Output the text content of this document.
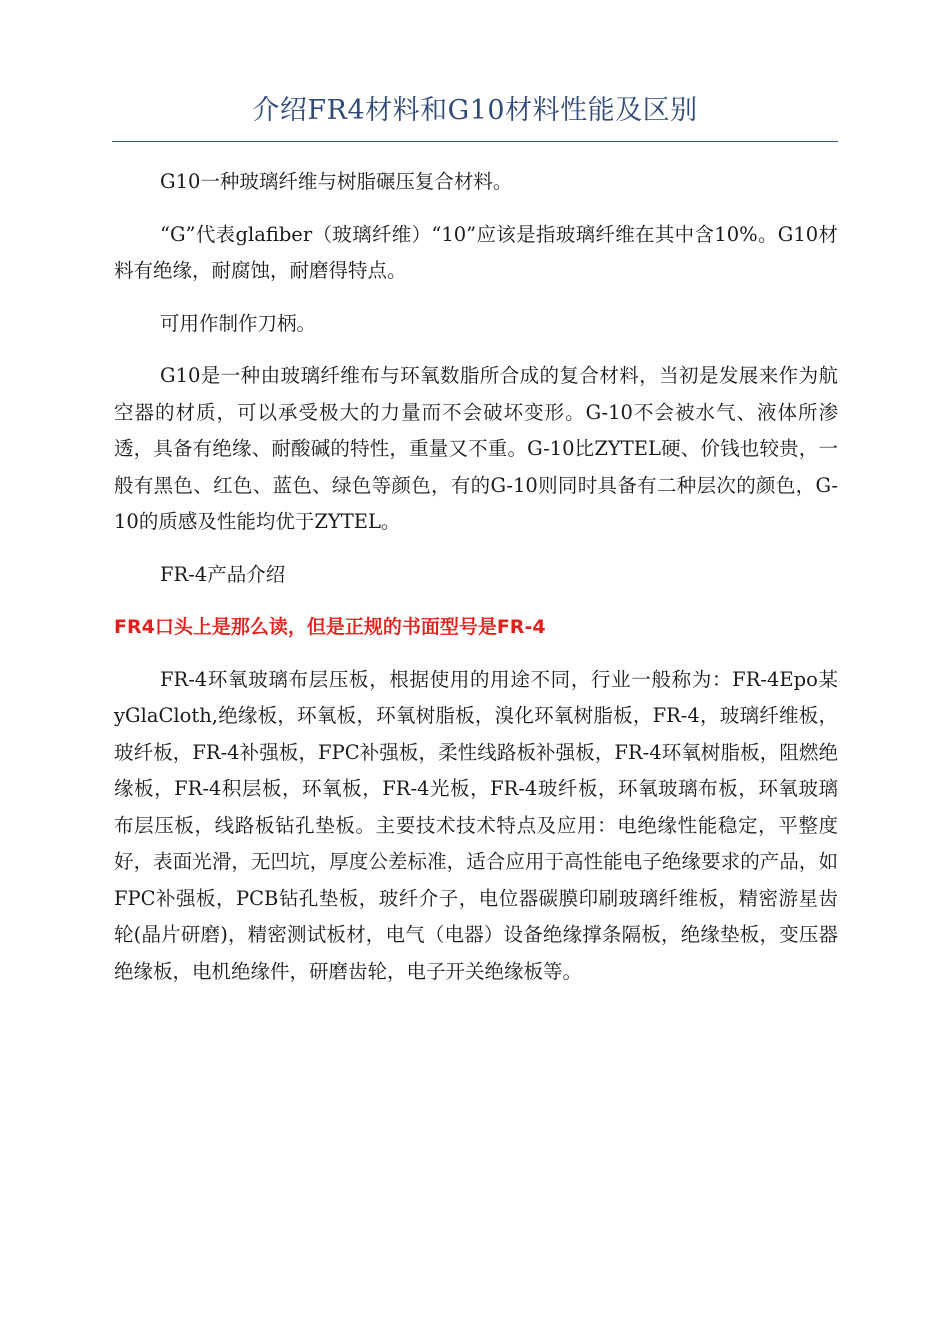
介绍FR4材料和G10材料性能及区别

G10一种玻璃纤维与树脂碾压复合材料。

“G”代表glafiber（玻璃纤维）“10”应该是指玻璃纤维在其中含10%。G10材料有绝缘，耐腐蚀，耐磨得特点。

可用作制作刀柄。

G10是一种由玻璃纤维布与环氧数脂所合成的复合材料，当初是发展来作为航空器的材质，可以承受极大的力量而不会破坏变形。G-10不会被水气、液体所渗透，具备有绝缘、耐酸碱的特性，重量又不重。G-10比ZYTEL硬、价钱也较贵，一般有黑色、红色、蓝色、绿色等颜色，有的G-10则同时具备有二种层次的颜色，G-10的质感及性能均优于ZYTEL。

FR-4产品介绍

FR4口头上是那么读，但是正规的书面型号是FR-4

FR-4环氧玻璃布层压板，根据使用的用途不同，行业一般称为：FR-4Epo某yGlaCloth,绝缘板，环氧板，环氧树脂板，溴化环氧树脂板，FR-4，玻璃纤维板，玻纤板，FR-4补强板，FPC补强板，柔性线路板补强板，FR-4环氧树脂板，阻燃绝缘板，FR-4积层板，环氧板，FR-4光板，FR-4玻纤板，环氧玻璃布板，环氧玻璃布层压板，线路板钻孔垫板。主要技术技术特点及应用：电绝缘性能稳定，平整度好，表面光滑，无凹坑，厚度公差标准，适合应用于高性能电子绝缘要求的产品，如FPC补强板，PCB钻孔垫板，玻纤介子，电位器碳膜印刷玻璃纤维板，精密游星齿轮(晶片研磨)，精密测试板材，电气（电器）设备绝缘撑条隔板，绝缘垫板，变压器绝缘板，电机绝缘件，研磨齿轮，电子开关绝缘板等。
